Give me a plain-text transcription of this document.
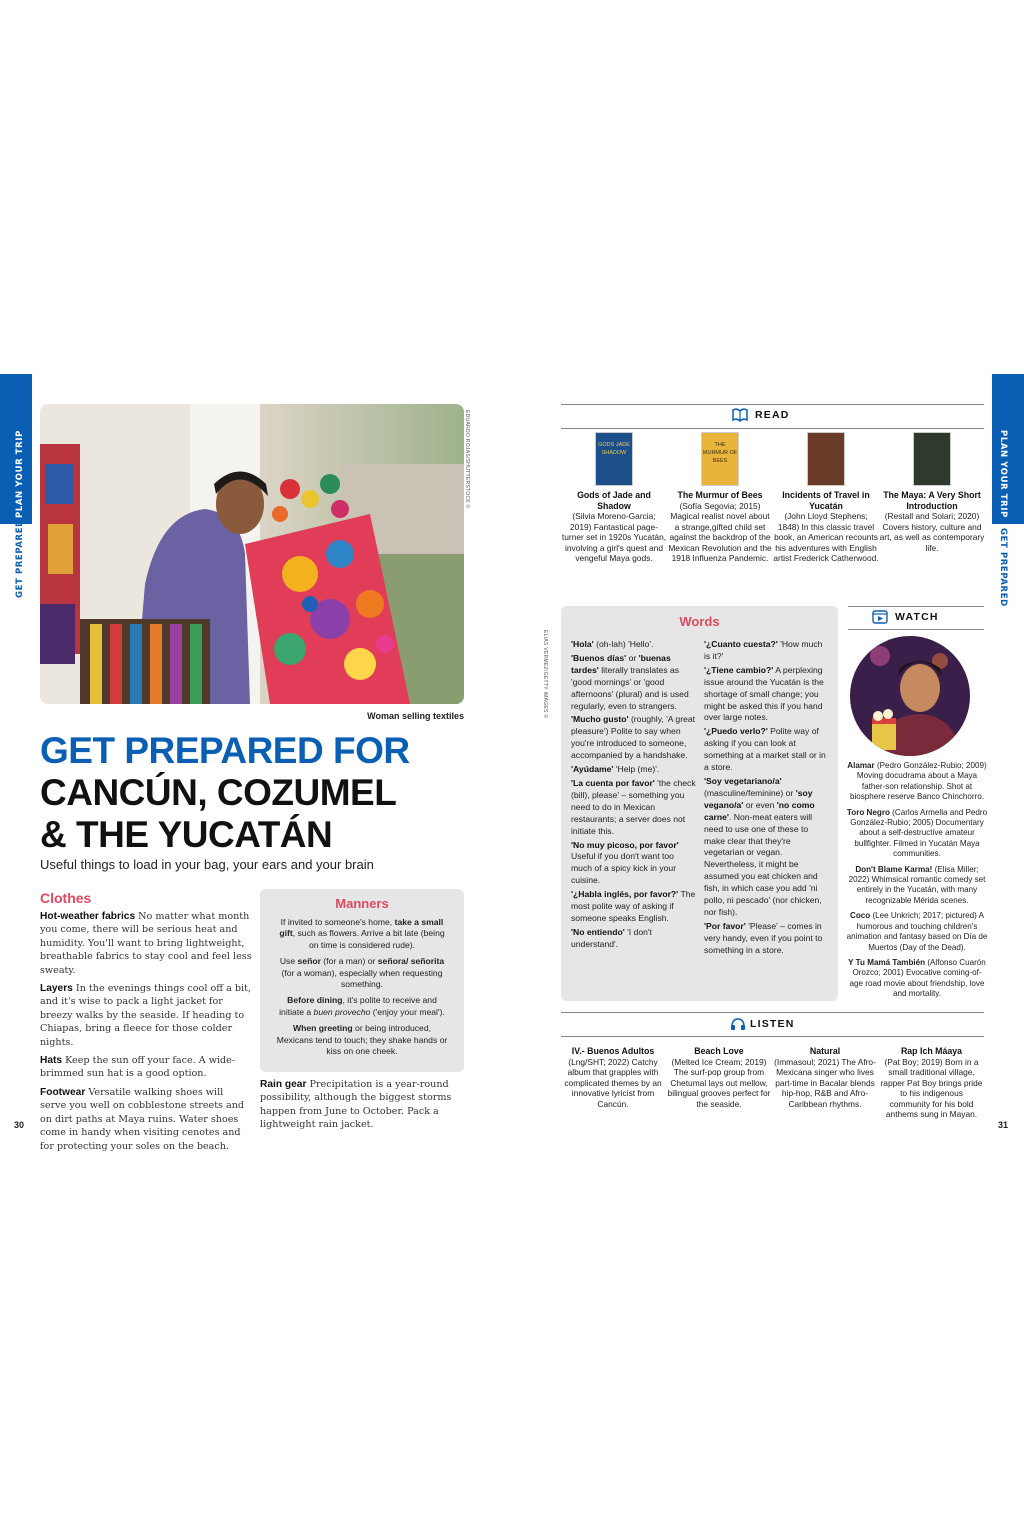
PLAN YOUR TRIP
GET PREPARED
PLAN YOUR TRIP
GET PREPARED
EDUARDO ROJAS/SHUTTERSTOCK ©
Woman selling textiles
GET PREPARED FOR
CANCÚN, COZUMEL
& THE YUCATÁN
Useful things to load in your bag, your ears and your brain
Clothes

Hot-weather fabrics No matter what month you come, there will be serious heat and humidity. You'll want to bring lightweight, breathable fabrics to stay cool and feel less sweaty.

Layers In the evenings things cool off a bit, and it's wise to pack a light jacket for breezy walks by the seaside. If heading to Chiapas, bring a fleece for those colder nights.

Hats Keep the sun off your face. A wide-brimmed sun hat is a good option.

Footwear Versatile walking shoes will serve you well on cobblestone streets and on dirt paths at Maya ruins. Water shoes come in handy when visiting cenotes and for protecting your soles on the beach.

Manners

If invited to someone's home, take a small gift, such as flowers. Arrive a bit late (being on time is considered rude).

Use señor (for a man) or señora/ señorita (for a woman), especially when requesting something.

Before dining, it's polite to receive and initiate a buen provecho ('enjoy your meal').

When greeting or being introduced, Mexicans tend to touch; they shake hands or kiss on one cheek.

Rain gear Precipitation is a year-round possibility, although the biggest storms happen from June to October. Pack a lightweight rain jacket.

30	31
READ
GODS JADE SHADOW
Gods of Jade and Shadow
(Silvia Moreno-Garcia; 2019) Fantastical page-turner set in 1920s Yucatán, involving a girl's quest and vengeful Maya gods.
THE MURMUR OF BEES
The Murmur of Bees
(Sofía Segovia; 2015) Magical realist novel about a strange,gifted child set against the backdrop of the Mexican Revolution and the 1918 Influenza Pandemic.
Incidents of Travel in Yucatán
(John Lloyd Stephens; 1848) In this classic travel book, an American recounts his adventures with English artist Frederick Catherwood.
The Maya: A Very Short Introduction
(Restall and Solari; 2020) Covers history, culture and art, as well as contemporary life.
ELIAS VERMEZ/GETTY IMAGES ©
Words

'Hola' (oh-lah) 'Hello'.

'Buenos días' or 'buenas tardes' literally translates as 'good mornings' or 'good afternoons' (plural) and is used regularly, even to strangers.

'Mucho gusto' (roughly, 'A great pleasure') Polite to say when you're introduced to someone, accompanied by a handshake.

'Ayúdame' 'Help (me)'.

'La cuenta por favor' 'the check (bill), please' – something you need to do in Mexican restaurants; a server does not initiate this.

'No muy picoso, por favor' Useful if you don't want too much of a spicy kick in your cuisine.

'¿Habla inglés, por favor?' The most polite way of asking if someone speaks English.

'No entiendo' 'I don't understand'.

'¿Cuanto cuesta?' 'How much is it?'

'¿Tiene cambio?' A perplexing issue around the Yucatán is the shortage of small change; you might be asked this if you hand over large notes.

'¿Puedo verlo?' Polite way of asking if you can look at something at a market stall or in a store.

'Soy vegetariano/a' (masculine/feminine) or 'soy vegano/a' or even 'no como carne'. Non-meat eaters will need to use one of these to make clear that they're vegetarian or vegan. Nevertheless, it might be assumed you eat chicken and fish, in which case you add 'ni pollo, ni pescado' (nor chicken, nor fish).

'Por favor' 'Please' – comes in very handy, even if you point to something in a store.

WATCH

Alamar (Pedro González-Rubio; 2009) Moving docudrama about a Maya father-son relationship. Shot at biosphere reserve Banco Chinchorro.

Toro Negro (Carlos Armella and Pedro González-Rubio; 2005) Documentary about a self-destructive amateur bullfighter. Filmed in Yucatán Maya communities.

Don't Blame Karma! (Elisa Miller; 2022) Whimsical romantic comedy set entirely in the Yucatán, with many recognizable Mérida scenes.

Coco (Lee Unkrich; 2017; pictured) A humorous and touching children's animation and fantasy based on Día de Muertos (Day of the Dead).

Y Tu Mamá También (Alfonso Cuarón Orozco; 2001) Evocative coming-of-age road movie about friendship, love and mortality.

LISTEN
IV.- Buenos Adultos
(Lng/SHT; 2022) Catchy album that grapples with complicated themes by an innovative lyricist from Cancún.
Beach Love
(Melted Ice Cream; 2019) The surf-pop group from Chetumal lays out mellow, bilingual grooves perfect for the seaside.
Natural
(Immasoul; 2021) The Afro-Mexicana singer who lives part-time in Bacalar blends hip-hop, R&B and Afro-Caribbean rhythms.
Rap Ich Máaya
(Pat Boy; 2019) Born in a small traditional village, rapper Pat Boy brings pride to his indigenous community for his bold anthems sung in Mayan.
